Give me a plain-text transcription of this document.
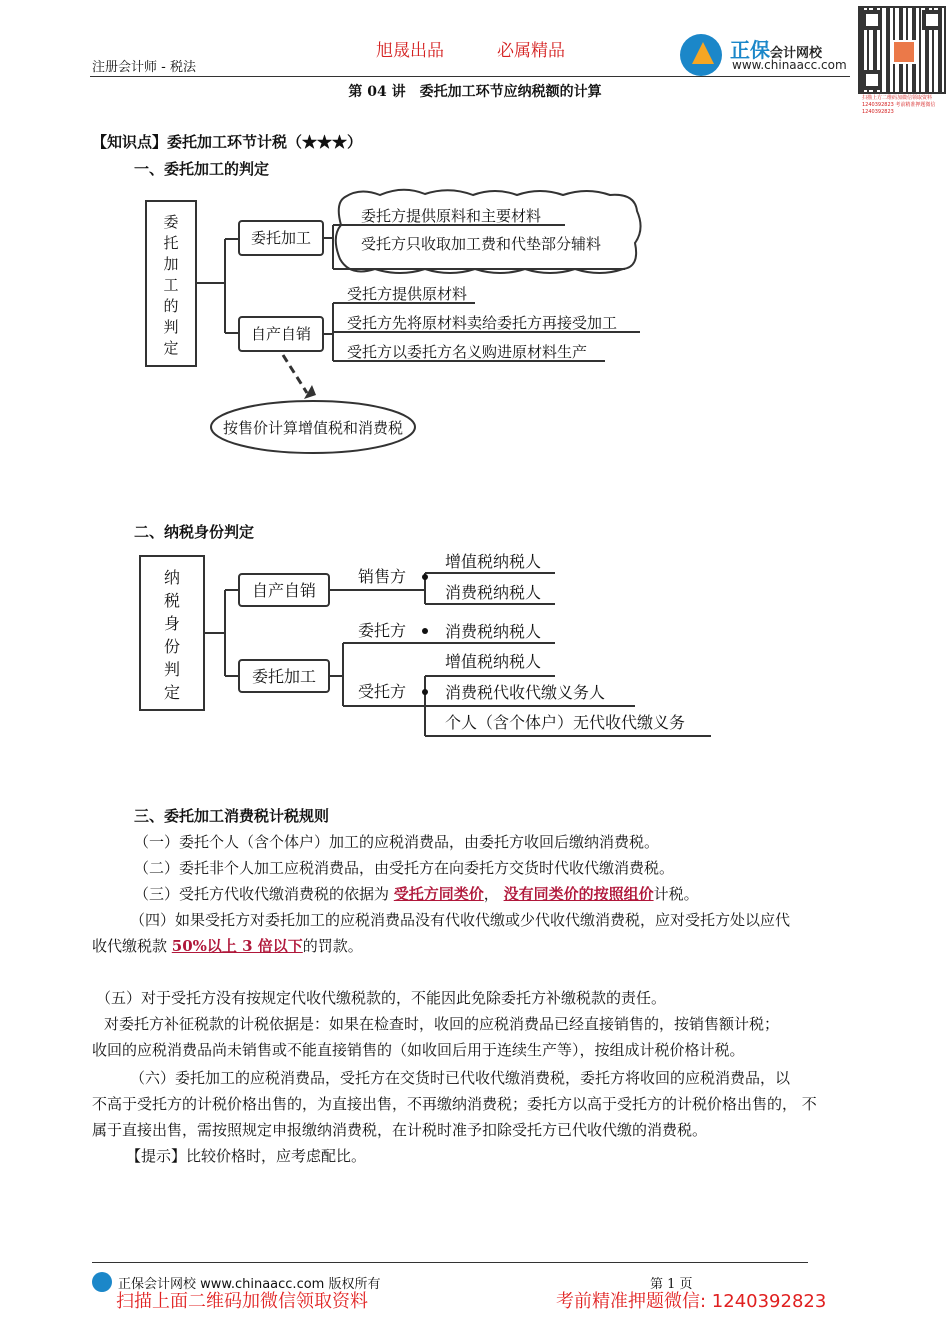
注册会计师 - 税法
旭晟出品	必属精品	正保会计网校
www.chinaacc.com
扫描上方二维码加微信领取资料 1240392823 考前精准押题微信 1240392823
第 04 讲　委托加工环节应纳税额的计算
【知识点】委托加工环节计税（★★★）
一、委托加工的判定
委
托
加
工
的
判
定
委托加工
自产自销
委托方提供原料和主要材料
受托方只收取加工费和代垫部分辅料
受托方提供原材料
受托方先将原材料卖给委托方再接受加工
受托方以委托方名义购进原材料生产
按售价计算增值税和消费税
二、纳税身份判定
纳
税
身
份
判
定
自产自销
委托加工
销售方
委托方
受托方
增值税纳税人
消费税纳税人
消费税纳税人
增值税纳税人
消费税代收代缴义务人
个人（含个体户）无代收代缴义务
三、委托加工消费税计税规则

（一）委托个人（含个体户）加工的应税消费品，由委托方收回后缴纳消费税。

（二）委托非个人加工应税消费品，由受托方在向委托方交货时代收代缴消费税。

（三）受托方代收代缴消费税的依据为 受托方同类价， 没有同类价的按照组价计税。

（四）如果受托方对委托加工的应税消费品没有代收代缴或少代收代缴消费税，应对受托方处以应代

收代缴税款 50%以上 3 倍以下的罚款。

（五）对于受托方没有按规定代收代缴税款的，不能因此免除委托方补缴税款的责任。

对委托方补征税款的计税依据是：如果在检查时，收回的应税消费品已经直接销售的，按销售额计税；

收回的应税消费品尚未销售或不能直接销售的（如收回后用于连续生产等），按组成计税价格计税。

（六）委托加工的应税消费品，受托方在交货时已代收代缴消费税，委托方将收回的应税消费品，以

不高于受托方的计税价格出售的，为直接出售，不再缴纳消费税；委托方以高于受托方的计税价格出售的， 不

属于直接出售，需按照规定申报缴纳消费税，在计税时准予扣除受托方已代收代缴的消费税。

【提示】比较价格时，应考虑配比。

正保会计网校 www.chinaacc.com 版权所有	第 1 页
扫描上面二维码加微信领取资料	考前精准押题微信: 1240392823
